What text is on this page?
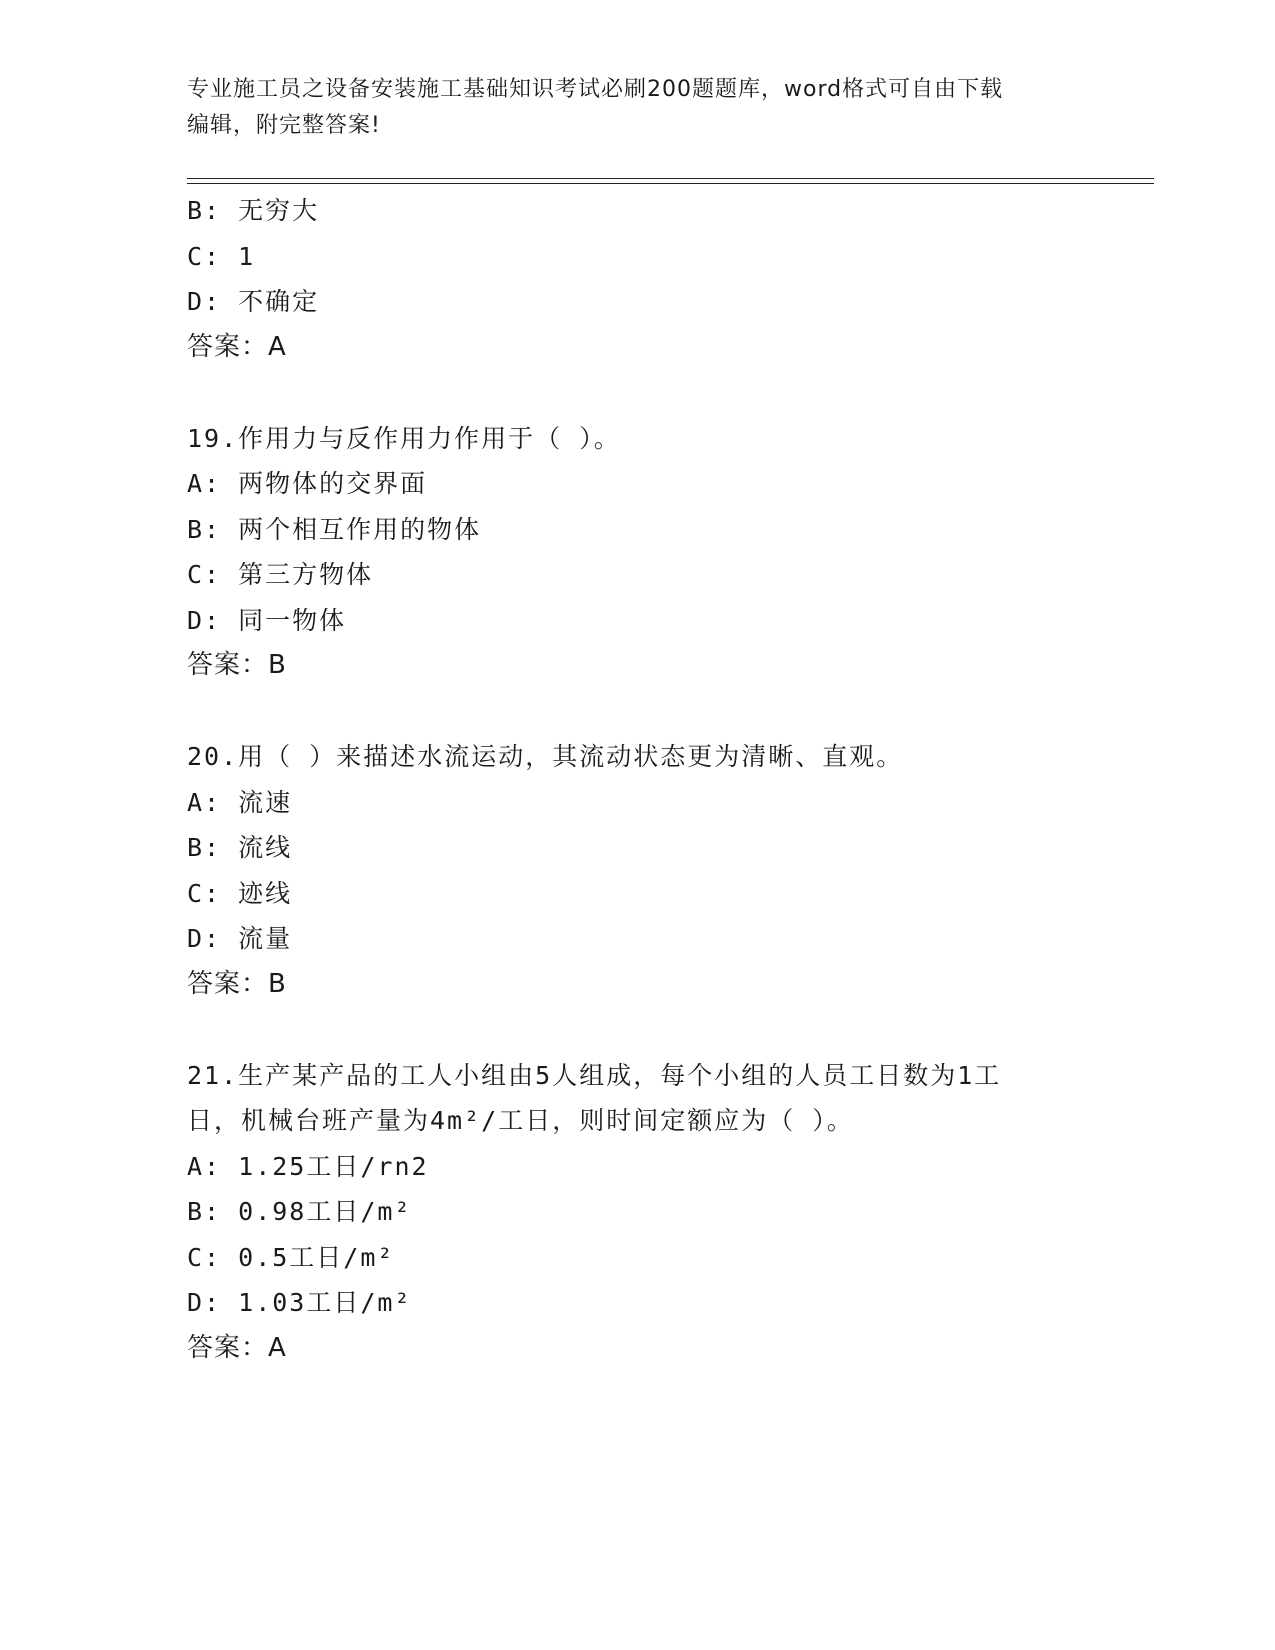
专业施工员之设备安装施工基础知识考试必刷200题题库，word格式可自由下载
编辑，附完整答案!
B: 无穷大
C: 1
D: 不确定
答案：A
19.作用力与反作用力作用于（ ）。
A: 两物体的交界面
B: 两个相互作用的物体
C: 第三方物体
D: 同一物体
答案：B
20.用（ ）来描述水流运动，其流动状态更为清晰、直观。
A: 流速
B: 流线
C: 迹线
D: 流量
答案：B
21.生产某产品的工人小组由5人组成，每个小组的人员工日数为1工
日，机械台班产量为4m²/工日，则时间定额应为（ ）。
A: 1.25工日/rn2
B: 0.98工日/m²
C: 0.5工日/m²
D: 1.03工日/m²
答案：A
